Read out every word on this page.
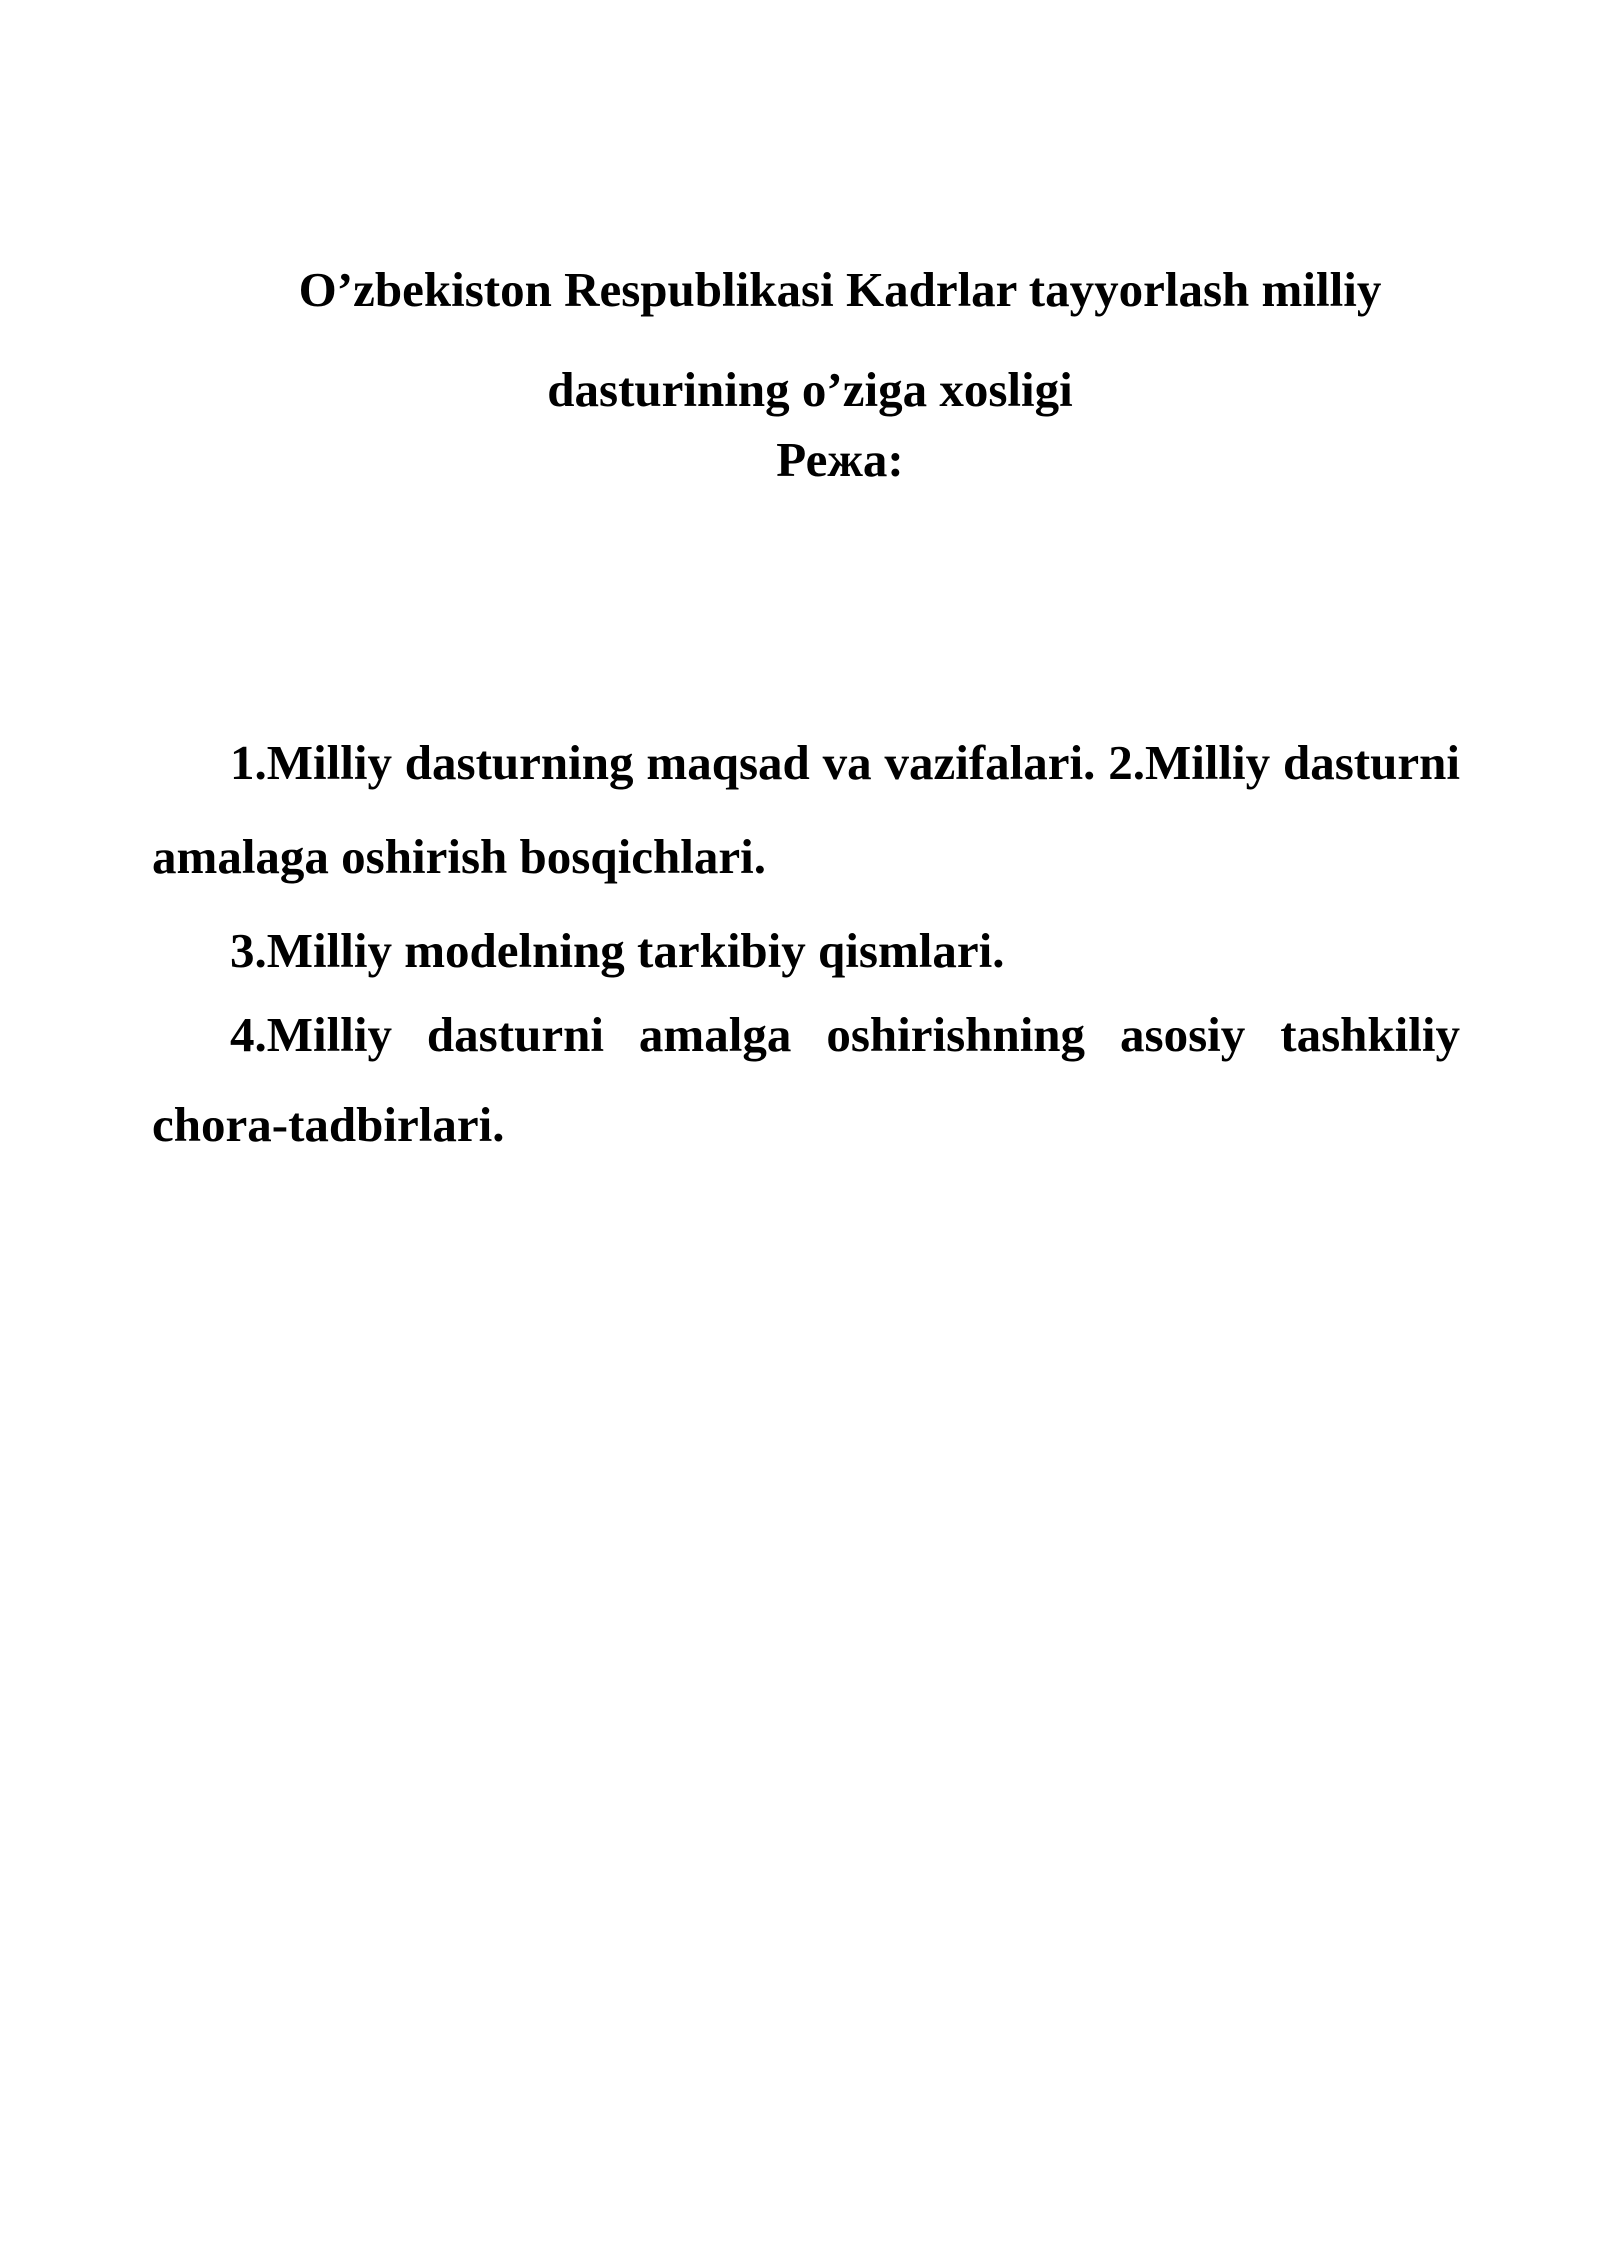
O’zbekiston Respublikasi Kadrlar tayyorlash milliy
dasturining o’ziga xosligi
Режа:

1.Milliy dasturning maqsad va vazifalari. 2.Milliy dasturni amalaga oshirish bosqichlari.

3.Milliy modelning tarkibiy qismlari.

4.Milliy dasturni amalga oshirishning asosiy tashkiliy chora-tadbirlari.
